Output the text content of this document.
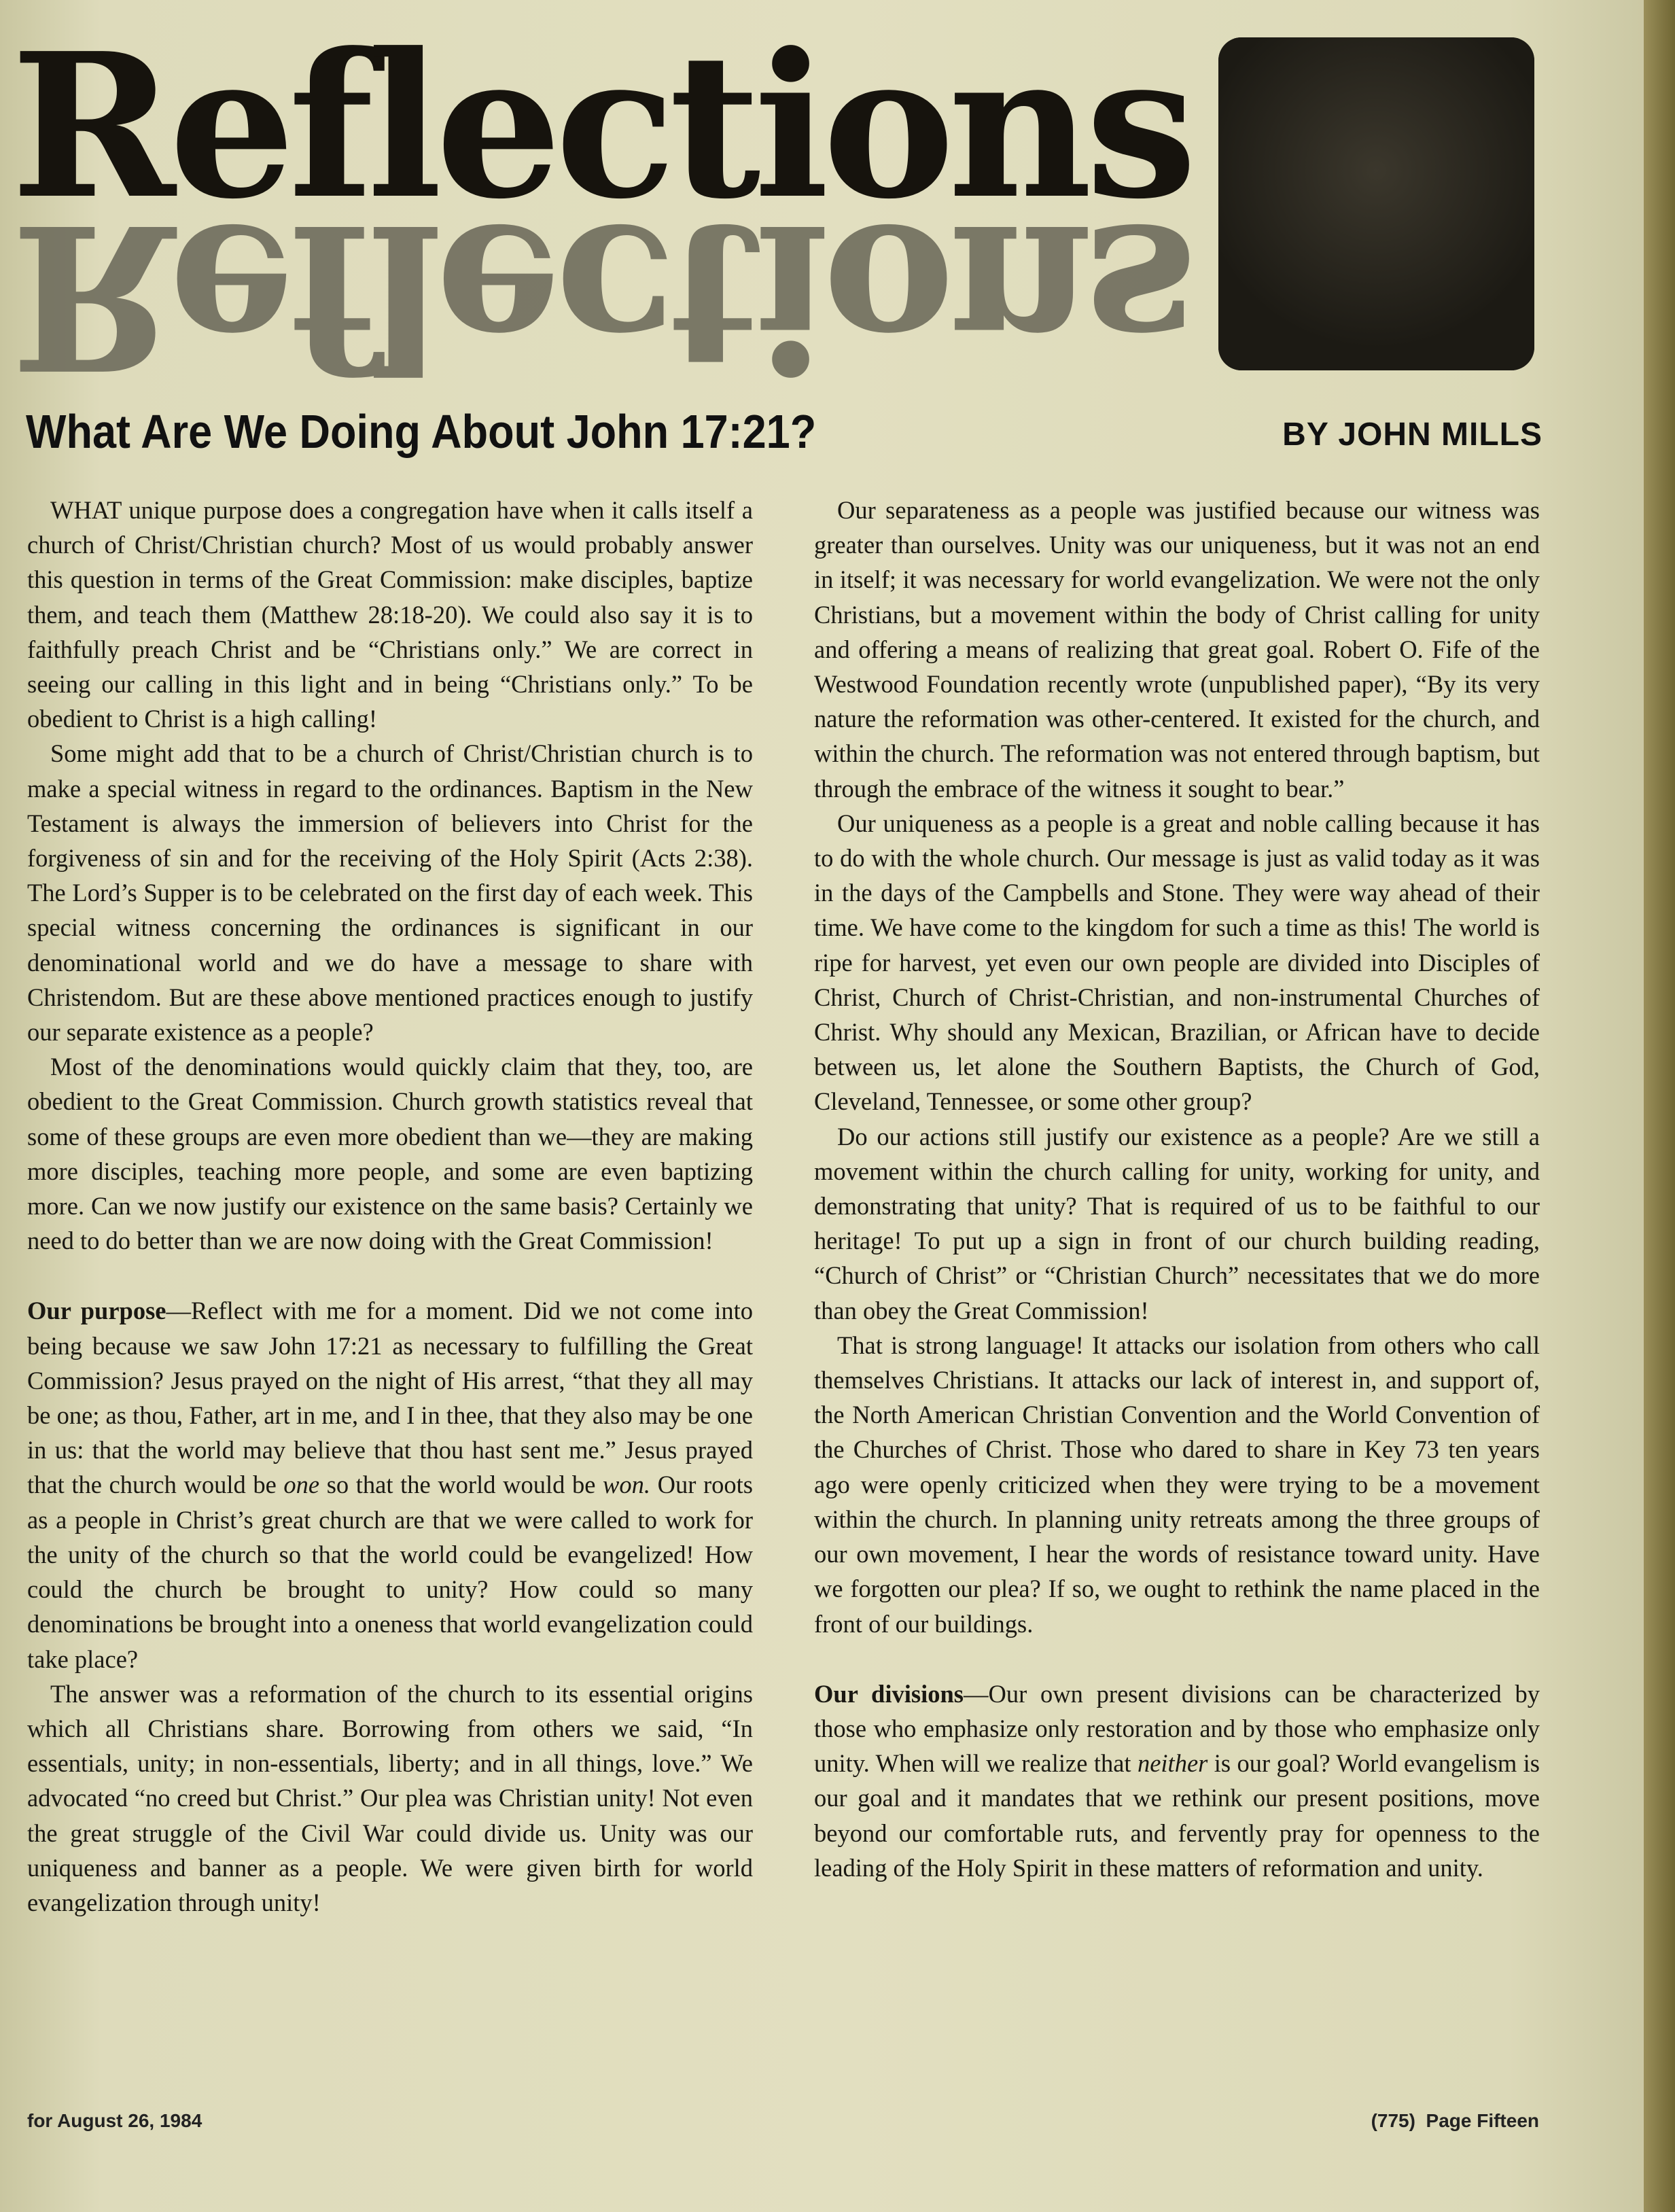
Reflections
Reflections
What Are We Doing About John 17:21?	BY JOHN MILLS

WHAT unique purpose does a congregation have when it calls itself a church of Christ/Christian church? Most of us would probably answer this question in terms of the Great Commission: make disciples, baptize them, and teach them (Matthew 28:18-20). We could also say it is to faithfully preach Christ and be “Christians only.” We are correct in seeing our calling in this light and in being “Christians only.” To be obedient to Christ is a high calling!

Some might add that to be a church of Christ/Christian church is to make a special witness in regard to the ordinances. Baptism in the New Testament is always the immersion of believers into Christ for the forgiveness of sin and for the receiving of the Holy Spirit (Acts 2:38). The Lord’s Supper is to be celebrated on the first day of each week. This special witness concerning the ordinances is significant in our denominational world and we do have a message to share with Christendom. But are these above mentioned practices enough to justify our separate existence as a people?

Most of the denominations would quickly claim that they, too, are obedient to the Great Commission. Church growth statistics reveal that some of these groups are even more obedient than we—they are making more disciples, teaching more people, and some are even baptizing more. Can we now justify our existence on the same basis? Certainly we need to do better than we are now doing with the Great Commission!

Our purpose—Reflect with me for a moment. Did we not come into being because we saw John 17:21 as necessary to fulfilling the Great Commission? Jesus prayed on the night of His arrest, “that they all may be one; as thou, Father, art in me, and I in thee, that they also may be one in us: that the world may believe that thou hast sent me.” Jesus prayed that the church would be one so that the world would be won. Our roots as a people in Christ’s great church are that we were called to work for the unity of the church so that the world could be evangelized! How could the church be brought to unity? How could so many denominations be brought into a oneness that world evangelization could take place?

The answer was a reformation of the church to its essential origins which all Christians share. Borrowing from others we said, “In essentials, unity; in non-essentials, liberty; and in all things, love.” We advocated “no creed but Christ.” Our plea was Christian unity! Not even the great struggle of the Civil War could divide us. Unity was our uniqueness and banner as a people. We were given birth for world evangelization through unity!

Our separateness as a people was justified because our witness was greater than ourselves. Unity was our uniqueness, but it was not an end in itself; it was necessary for world evangelization. We were not the only Christians, but a movement within the body of Christ calling for unity and offering a means of realizing that great goal. Robert O. Fife of the Westwood Foundation recently wrote (unpublished paper), “By its very nature the reformation was other-centered. It existed for the church, and within the church. The reformation was not entered through baptism, but through the embrace of the witness it sought to bear.”

Our uniqueness as a people is a great and noble calling because it has to do with the whole church. Our message is just as valid today as it was in the days of the Campbells and Stone. They were way ahead of their time. We have come to the kingdom for such a time as this! The world is ripe for harvest, yet even our own people are divided into Disciples of Christ, Church of Christ-Christian, and non-instrumental Churches of Christ. Why should any Mexican, Brazilian, or African have to decide between us, let alone the Southern Baptists, the Church of God, Cleveland, Tennessee, or some other group?

Do our actions still justify our existence as a people? Are we still a movement within the church calling for unity, working for unity, and demonstrating that unity? That is required of us to be faithful to our heritage! To put up a sign in front of our church building reading, “Church of Christ” or “Christian Church” necessitates that we do more than obey the Great Commission!

That is strong language! It attacks our isolation from others who call themselves Christians. It attacks our lack of interest in, and support of, the North American Christian Convention and the World Convention of the Churches of Christ. Those who dared to share in Key 73 ten years ago were openly criticized when they were trying to be a movement within the church. In planning unity retreats among the three groups of our own movement, I hear the words of resistance toward unity. Have we forgotten our plea? If so, we ought to rethink the name placed in the front of our buildings.

Our divisions—Our own present divisions can be characterized by those who emphasize only restoration and by those who emphasize only unity. When will we realize that neither is our goal? World evangelism is our goal and it mandates that we rethink our present positions, move beyond our comfortable ruts, and fervently pray for openness to the leading of the Holy Spirit in these matters of reformation and unity.

for August 26, 1984	(775) Page Fifteen
